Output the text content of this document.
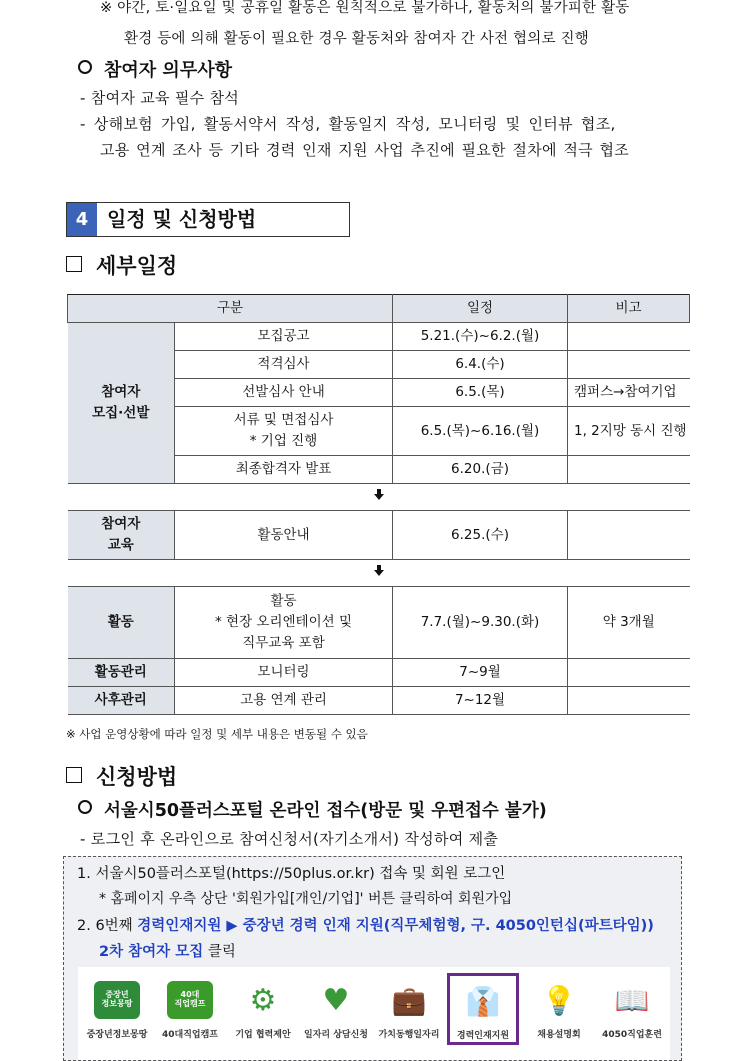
※ 야간, 토·일요일 및 공휴일 활동은 원칙적으로 불가하나, 활동처의 불가피한 활동
환경 등에 의해 활동이 필요한 경우 활동처와 참여자 간 사전 협의로 진행
참여자 의무사항
- 참여자 교육 필수 참석
- 상해보험 가입, 활동서약서 작성, 활동일지 작성, 모니터링 및 인터뷰 협조,
고용 연계 조사 등 기타 경력 인재 지원 사업 추진에 필요한 절차에 적극 협조
4 일정 및 신청방법
세부일정
구분		일정	비고
참여자
모집·선발	모집공고	5.21.(수)~6.2.(월)	
	적격심사	6.4.(수)	
	선발심사 안내	6.5.(목)	캠퍼스→참여기업
	서류 및 면접심사
* 기업 진행	6.5.(목)~6.16.(월)	1, 2지망 동시 진행
	최종합격자 발표	6.20.(금)	

참여자
교육	활동안내	6.25.(수)	

활동	활동
* 현장 오리엔테이션 및
직무교육 포함	7.7.(월)~9.30.(화)	약 3개월
활동관리	모니터링	7~9월	
사후관리	고용 연계 관리	7~12월	
※ 사업 운영상황에 따라 일정 및 세부 내용은 변동될 수 있음
신청방법
서울시50플러스포털 온라인 접수(방문 및 우편접수 불가)
- 로그인 후 온라인으로 참여신청서(자기소개서) 작성하여 제출
1. 서울시50플러스포털(https://50plus.or.kr) 접속 및 회원 로그인
* 홈페이지 우측 상단 '회원가입[개인/기업]' 버튼 클릭하여 회원가입
2. 6번째 경력인재지원 ▶ 중장년 경력 인재 지원(직무체험형, 구. 4050인턴십(파트타임))
2차 참여자 모집 클릭
중장년
정보몽땅
중장년정보몽땅
40대
직업캠프
40대직업캠프
⚙
기업 협력제안
♥
일자리 상담신청
💼
가치동행일자리
👔
경력인재지원
💡
채용설명회
📖
4050직업훈련
